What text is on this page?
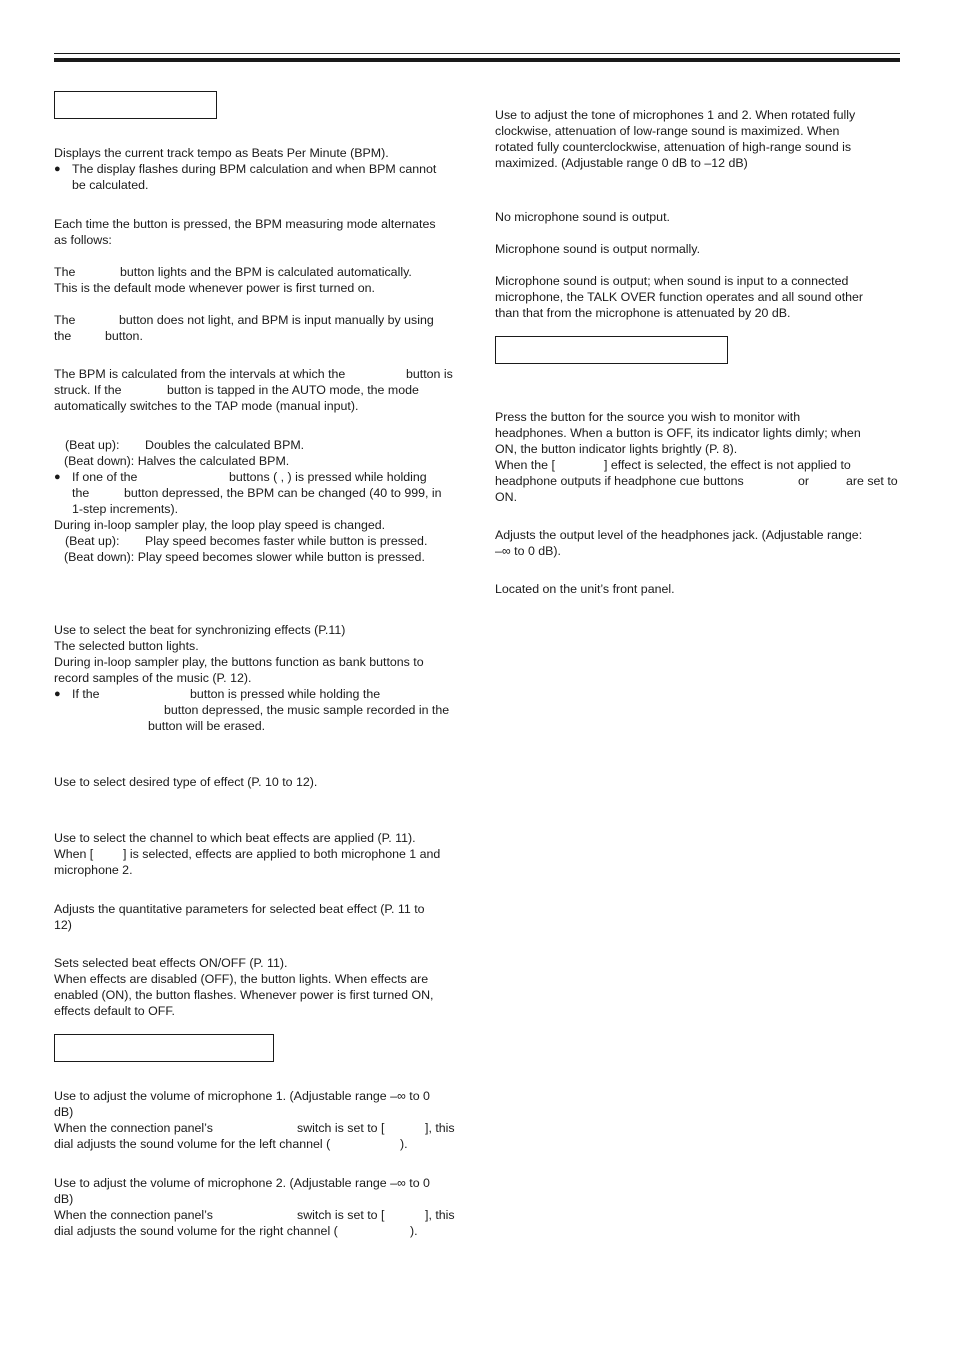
Displays the current track tempo as Beats Per Minute (BPM).

● The display flashes during BPM calculation and when BPM cannot

be calculated.

Each time the button is pressed, the BPM measuring mode alternates

as follows:

The	button lights and the BPM is calculated automatically.

This is the default mode whenever power is first turned on.

The	button does not light, and BPM is input manually by using

the	button.

The BPM is calculated from the intervals at which the	button is

struck. If the	button is tapped in the AUTO mode, the mode

automatically switches to the TAP mode (manual input).

(Beat up): Doubles the calculated BPM.

(Beat down): Halves the calculated BPM.

● If one of the	buttons ( , ) is pressed while holding

the	button depressed, the BPM can be changed (40 to 999, in

1-step increments).

During in-loop sampler play, the loop play speed is changed.

(Beat up): Play speed becomes faster while button is pressed.

(Beat down): Play speed becomes slower while button is pressed.

Use to select the beat for synchronizing effects (P.11)

The selected button lights.

During in-loop sampler play, the buttons function as bank buttons to

record samples of the music (P. 12).

● If the	button is pressed while holding the

button depressed, the music sample recorded in the

button will be erased.

Use to select desired type of effect (P. 10 to 12).

Use to select the channel to which beat effects are applied (P. 11).

When [ ] is selected, effects are applied to both microphone 1 and

microphone 2.

Adjusts the quantitative parameters for selected beat effect (P. 11 to

12)

Sets selected beat effects ON/OFF (P. 11).

When effects are disabled (OFF), the button lights. When effects are

enabled (ON), the button flashes. Whenever power is first turned ON,

effects default to OFF.

Use to adjust the volume of microphone 1. (Adjustable range –∞ to 0

dB)

When the connection panel’s	switch is set to [	], this

dial adjusts the sound volume for the left channel (	).

Use to adjust the volume of microphone 2. (Adjustable range –∞ to 0

dB)

When the connection panel’s	switch is set to [	], this

dial adjusts the sound volume for the right channel (	).

Use to adjust the tone of microphones 1 and 2. When rotated fully

clockwise, attenuation of low-range sound is maximized. When

rotated fully counterclockwise, attenuation of high-range sound is

maximized. (Adjustable range 0 dB to –12 dB)

No microphone sound is output.

Microphone sound is output normally.

Microphone sound is output; when sound is input to a connected

microphone, the TALK OVER function operates and all sound other

than that from the microphone is attenuated by 20 dB.

Press the button for the source you wish to monitor with

headphones. When a button is OFF, its indicator lights dimly; when

ON, the button indicator lights brightly (P. 8).

When the [	] effect is selected, the effect is not applied to

headphone outputs if headphone cue buttons	or	are set to

ON.

Adjusts the output level of the headphones jack. (Adjustable range:

–∞ to 0 dB).

Located on the unit’s front panel.
